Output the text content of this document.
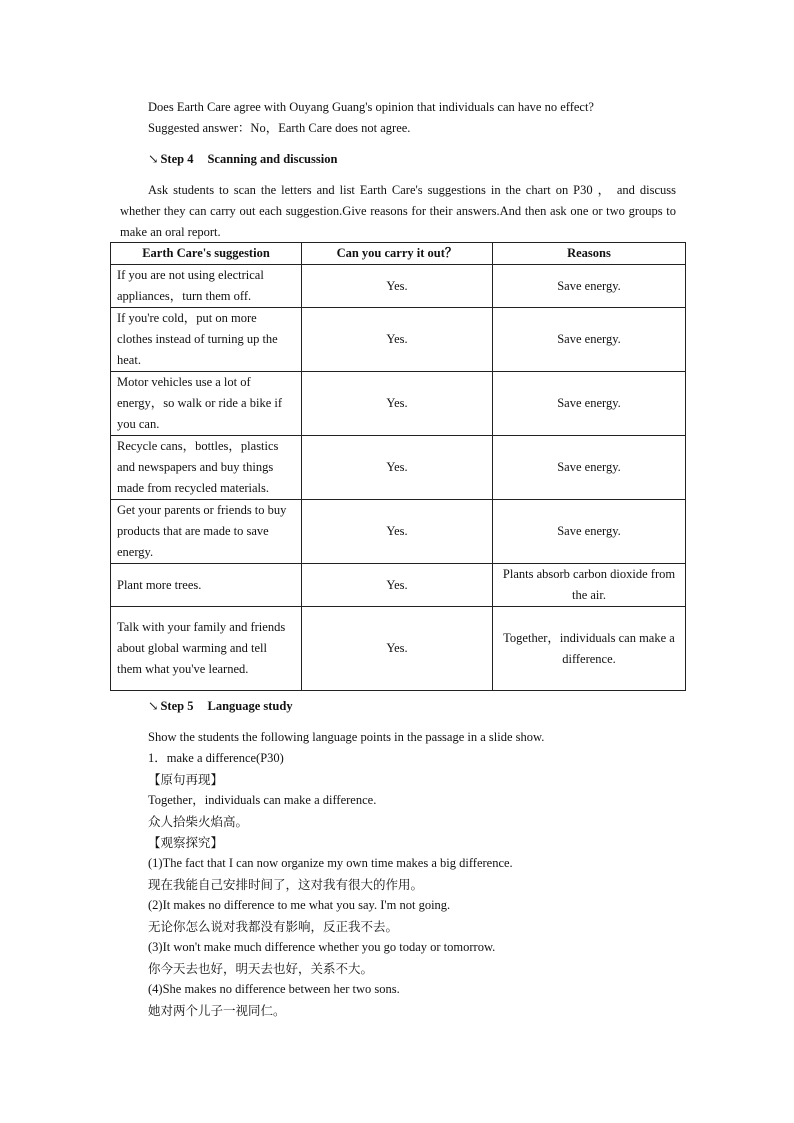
Does Earth Care agree with Ouyang Guang's opinion that individuals can have no effect?
Suggested answer：No，Earth Care does not agree.
↘ Step 4 Scanning and discussion
Ask students to scan the letters and list Earth Care's suggestions in the chart on P30 ， and discuss whether they can carry out each suggestion.Give reasons for their answers.And then ask one or two groups to make an oral report.
Earth Care's suggestion	Can you carry it out？	Reasons
If you are not using electrical appliances，turn them off.	Yes.	Save energy.
If you're cold，put on more clothes instead of turning up the heat.	Yes.	Save energy.
Motor vehicles use a lot of energy，so walk or ride a bike if you can.	Yes.	Save energy.
Recycle cans，bottles，plastics and newspapers and buy things made from recycled materials.	Yes.	Save energy.
Get your parents or friends to buy products that are made to save energy.	Yes.	Save energy.
Plant more trees.	Yes.	Plants absorb carbon dioxide from the air.
Talk with your family and friends about global warming and tell them what you've learned.	Yes.	Together，individuals can make a difference.
↘ Step 5 Language study
Show the students the following language points in the passage in a slide show.
1．make a difference(P30)
【原句再现】
Together，individuals can make a difference.
众人拾柴火焰高。
【观察探究】
(1)The fact that I can now organize my own time makes a big difference.
现在我能自己安排时间了，这对我有很大的作用。
(2)It makes no difference to me what you say. I'm not going.
无论你怎么说对我都没有影响，反正我不去。
(3)It won't make much difference whether you go today or tomorrow.
你今天去也好，明天去也好，关系不大。
(4)She makes no difference between her two sons.
她对两个儿子一视同仁。
